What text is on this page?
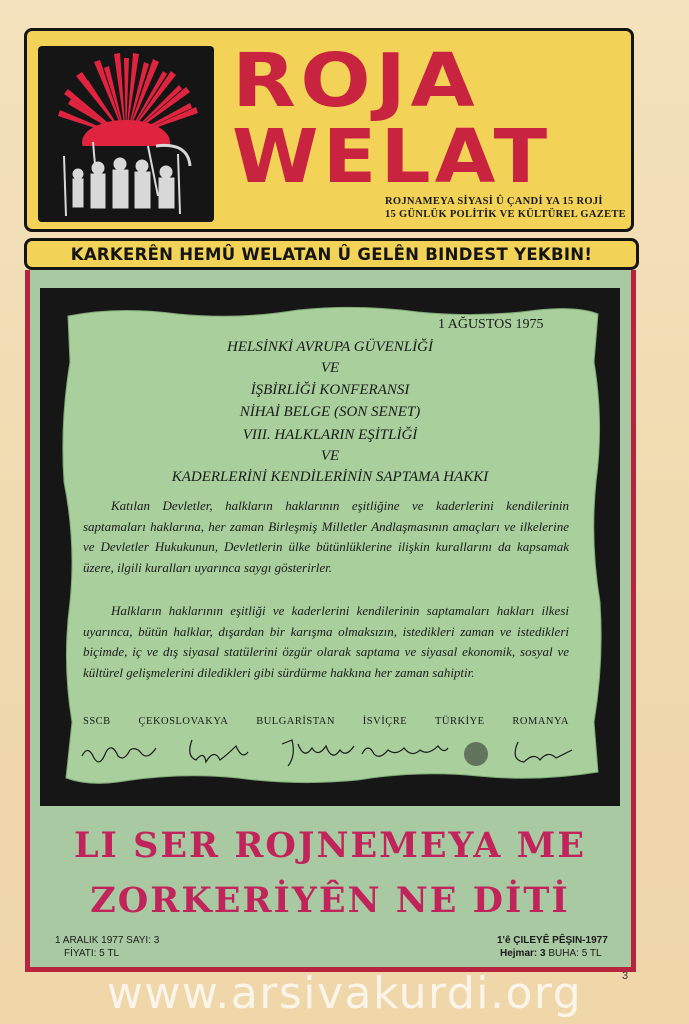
ROJA
WELAT
ROJNAMEYA SİYASİ Û ÇANDİ YA 15 ROJİ
15 GÜNLÜK POLİTİK VE KÜLTÜREL GAZETE
KARKERÊN HEMÛ WELATAN Û GELÊN BINDEST YEKBIN!
1 AĞUSTOS 1975
HELSİNKİ AVRUPA GÜVENLİĞİ
VE
İŞBİRLİĞİ KONFERANSI
NİHAİ BELGE (SON SENET)
VIII. HALKLARIN EŞİTLİĞİ
VE
KADERLERİNİ KENDİLERİNİN SAPTAMA HAKKI
Katılan Devletler, halkların haklarının eşitliğine ve kaderlerini kendilerinin saptamaları haklarına, her zaman Birleşmiş Milletler Andlaşmasının amaçları ve ilkelerine ve Devletler Hukukunun, Devletlerin ülke bütünlüklerine ilişkin kurallarını da kapsamak üzere, ilgili kuralları uyarınca saygı gösterirler.
Halkların haklarının eşitliği ve kaderlerini kendilerinin saptamaları hakları ilkesi uyarınca, bütün halklar, dışardan bir karışma olmaksızın, istedikleri zaman ve istedikleri biçimde, iç ve dış siyasal statülerini özgür olarak saptama ve siyasal ekonomik, sosyal ve kültürel gelişmelerini diledikleri gibi sürdürme hakkına her zaman sahiptir.
SSCB	ÇEKOSLOVAKYA	BULGARİSTAN	İSVİÇRE	TÜRKİYE	ROMANYA
LI SER ROJNEMEYA ME
ZORKERİYÊN NE DİTİ
1 ARALIK 1977 SAYI: 3
FİYATI: 5 TL
1'ê ÇILEYÊ PÊŞIN-1977
Hejmar: 3 BUHA: 5 TL
www.arsivakurdi.org	3
